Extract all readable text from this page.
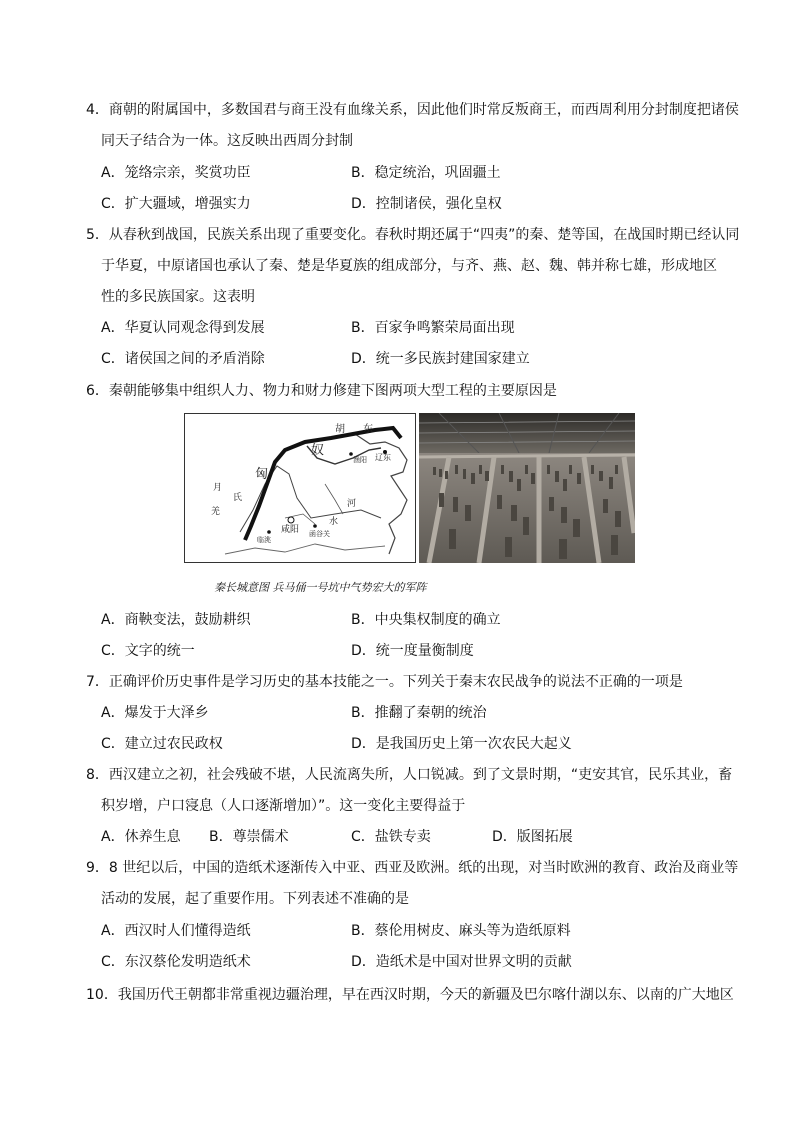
4．商朝的附属国中，多数国君与商王没有血缘关系，因此他们时常反叛商王，而西周利用分封制度把诸侯
同天子结合为一体。这反映出西周分封制
A．笼络宗亲，奖赏功臣	B．稳定统治，巩固疆土
C．扩大疆域，增强实力	D．控制诸侯，强化皇权
5．从春秋到战国，民族关系出现了重要变化。春秋时期还属于“四夷”的秦、楚等国，在战国时期已经认同
于华夏，中原诸国也承认了秦、楚是华夏族的组成部分，与齐、燕、赵、魏、韩并称七雄，形成地区
性的多民族国家。这表明
A．华夏认同观念得到发展	B．百家争鸣繁荣局面出现
C．诸侯国之间的矛盾消除	D．统一多民族封建国家建立
6．秦朝能够集中组织人力、物力和财力修建下图两项大型工程的主要原因是
胡 东
奴
匈
渔阳 辽东
月
氏
羌
咸阳
临洮
函谷关
河
水
秦长城意图 兵马俑一号坑中气势宏大的军阵
A．商鞅变法，鼓励耕织	B．中央集权制度的确立
C．文字的统一	D．统一度量衡制度
7．正确评价历史事件是学习历史的基本技能之一。下列关于秦末农民战争的说法不正确的一项是
A．爆发于大泽乡	B．推翻了秦朝的统治
C．建立过农民政权	D．是我国历史上第一次农民大起义
8．西汉建立之初，社会残破不堪，人民流离失所，人口锐减。到了文景时期，“吏安其官，民乐其业，畜
积岁增，户口寖息（人口逐渐增加）”。这一变化主要得益于
A．休养生息 B．尊崇儒术	C．盐铁专卖	D．版图拓展
9．8 世纪以后，中国的造纸术逐渐传入中亚、西亚及欧洲。纸的出现，对当时欧洲的教育、政治及商业等
活动的发展，起了重要作用。下列表述不准确的是
A．西汉时人们懂得造纸	B．蔡伦用树皮、麻头等为造纸原料
C．东汉蔡伦发明造纸术	D．造纸术是中国对世界文明的贡献
10．我国历代王朝都非常重视边疆治理，早在西汉时期，今天的新疆及巴尔喀什湖以东、以南的广大地区
